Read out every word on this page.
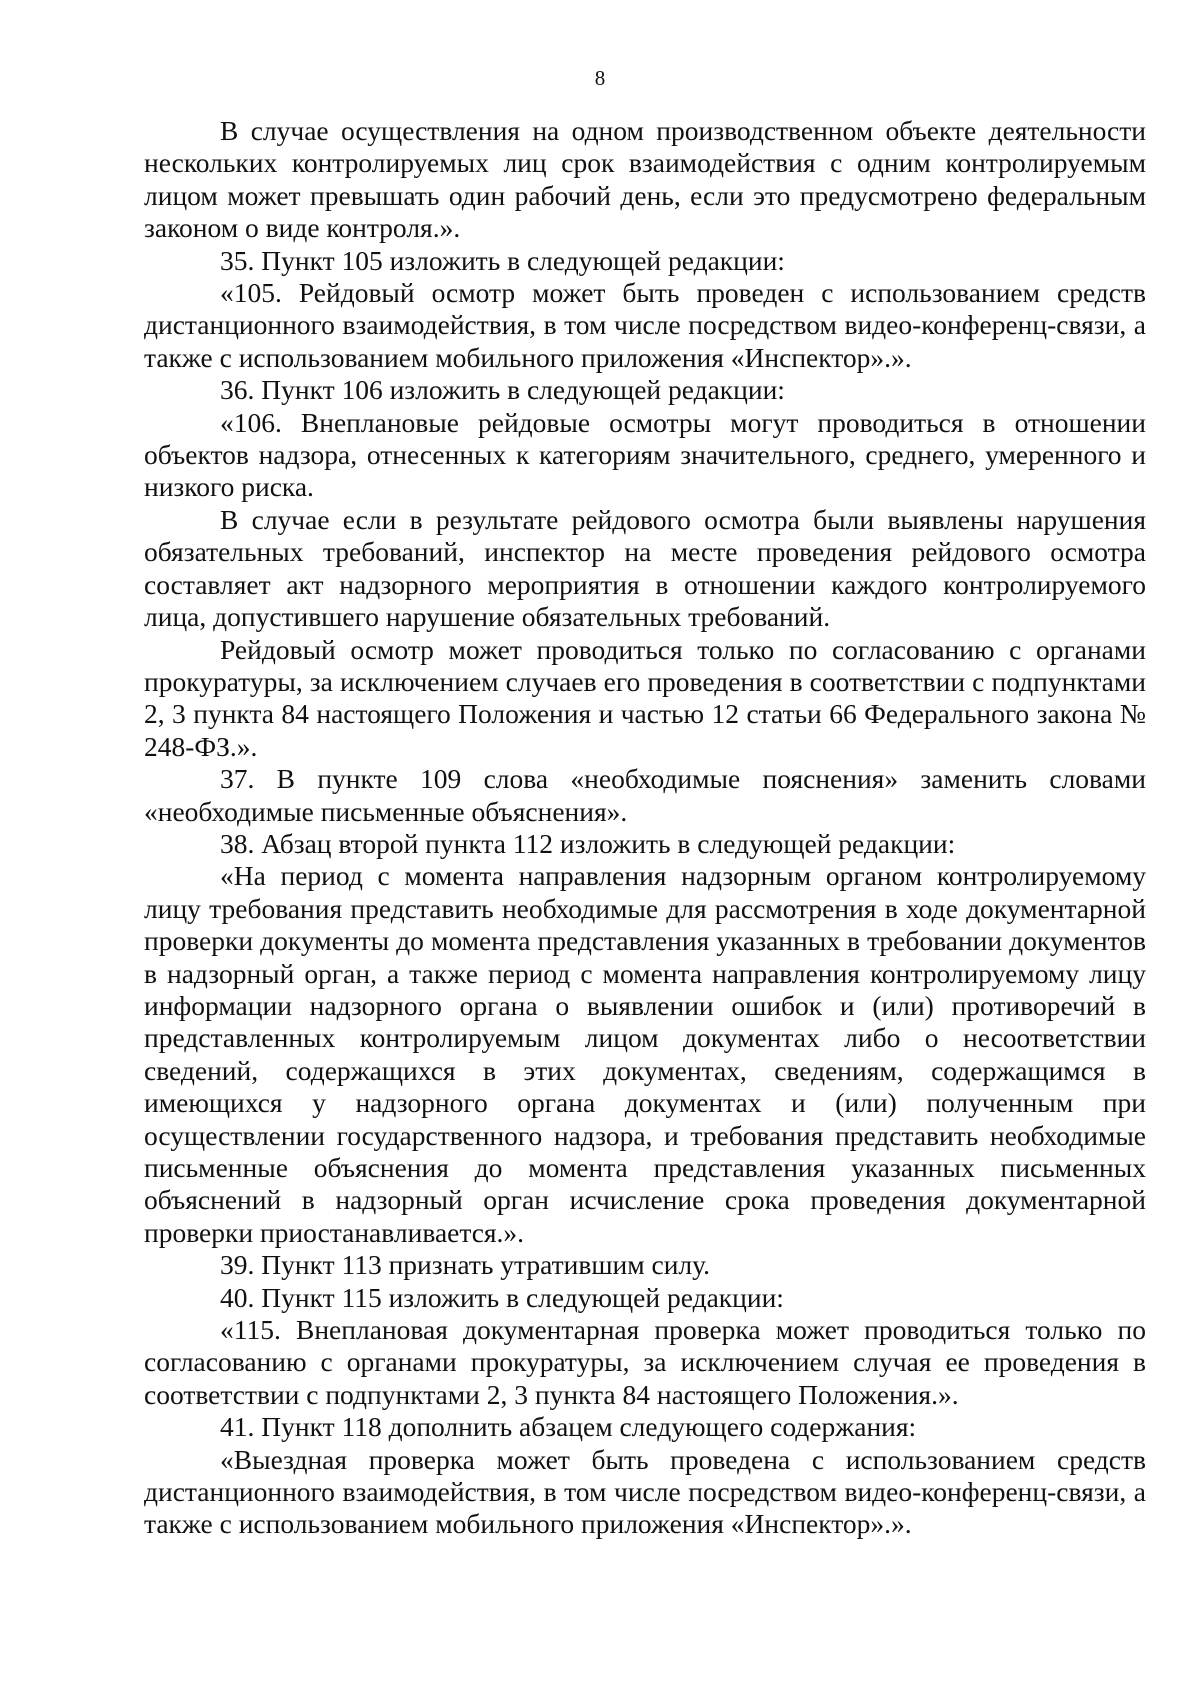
8

В случае осуществления на одном производственном объекте деятельности нескольких контролируемых лиц срок взаимодействия с одним контролируемым лицом может превышать один рабочий день, если это предусмотрено федеральным законом о виде контроля.».

35. Пункт 105 изложить в следующей редакции:

«105. Рейдовый осмотр может быть проведен с использованием средств дистанционного взаимодействия, в том числе посредством видео-конференц-связи, а также с использованием мобильного приложения «Инспектор».».

36. Пункт 106 изложить в следующей редакции:

«106. Внеплановые рейдовые осмотры могут проводиться в отношении объектов надзора, отнесенных к категориям значительного, среднего, умеренного и низкого риска.

В случае если в результате рейдового осмотра были выявлены нарушения обязательных требований, инспектор на месте проведения рейдового осмотра составляет акт надзорного мероприятия в отношении каждого контролируемого лица, допустившего нарушение обязательных требований.

Рейдовый осмотр может проводиться только по согласованию с органами прокуратуры, за исключением случаев его проведения в соответствии с подпунктами 2, 3 пункта 84 настоящего Положения и частью 12 статьи 66 Федерального закона № 248-ФЗ.».

37. В пункте 109 слова «необходимые пояснения» заменить словами «необходимые письменные объяснения».

38. Абзац второй пункта 112 изложить в следующей редакции:

«На период с момента направления надзорным органом контролируемому лицу требования представить необходимые для рассмотрения в ходе документарной проверки документы до момента представления указанных в требовании документов в надзорный орган, а также период с момента направления контролируемому лицу информации надзорного органа о выявлении ошибок и (или) противоречий в представленных контролируемым лицом документах либо о несоответствии сведений, содержащихся в этих документах, сведениям, содержащимся в имеющихся у надзорного органа документах и (или) полученным при осуществлении государственного надзора, и требования представить необходимые письменные объяснения до момента представления указанных письменных объяснений в надзорный орган исчисление срока проведения документарной проверки приостанавливается.».

39. Пункт 113 признать утратившим силу.

40. Пункт 115 изложить в следующей редакции:

«115. Внеплановая документарная проверка может проводиться только по согласованию с органами прокуратуры, за исключением случая ее проведения в соответствии с подпунктами 2, 3 пункта 84 настоящего Положения.».

41. Пункт 118 дополнить абзацем следующего содержания:

«Выездная проверка может быть проведена с использованием средств дистанционного взаимодействия, в том числе посредством видео-конференц-связи, а также с использованием мобильного приложения «Инспектор».».
